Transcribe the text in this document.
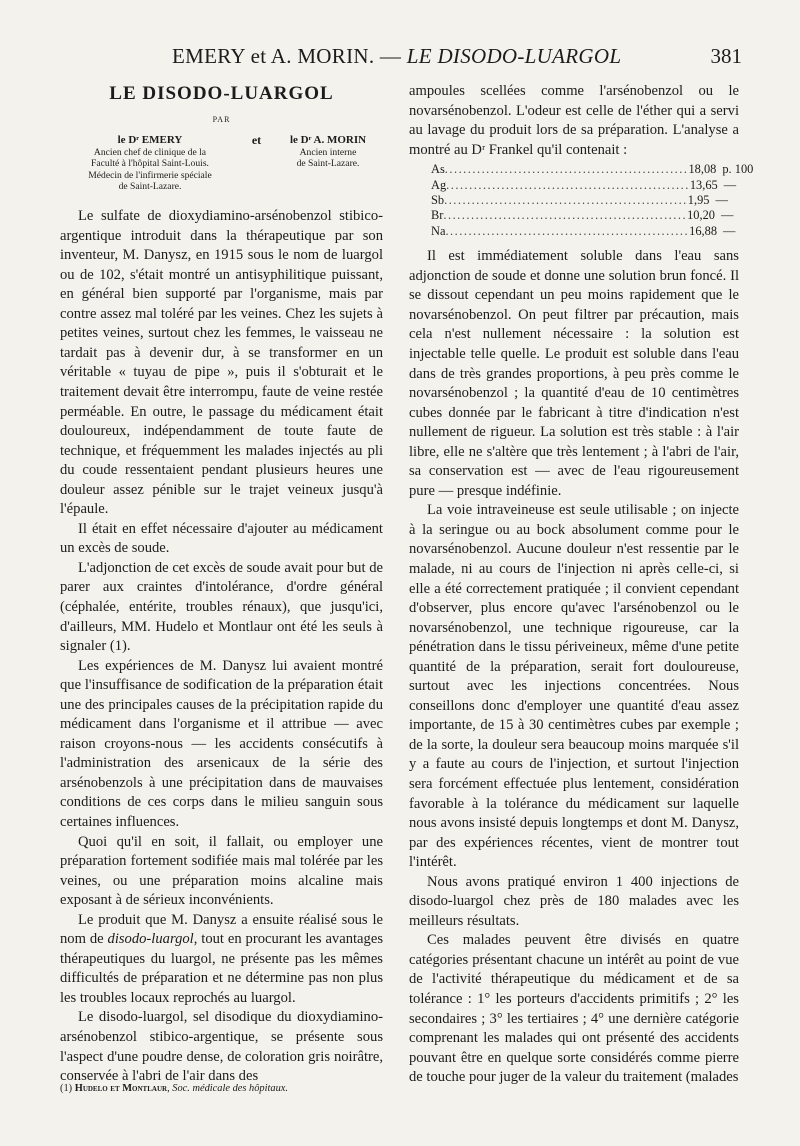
EMERY et A. MORIN. — LE DISODO-LUARGOL	381
LE DISODO-LUARGOL
PAR
le Dʳ EMERY
Ancien chef de clinique de la
Faculté à l'hôpital Saint-Louis.
Médecin de l'infirmerie spéciale
de Saint-Lazare.
et	le Dʳ A. MORIN
Ancien interne
de Saint-Lazare.

Le sulfate de dioxydiamino-arsénobenzol stibico-argentique introduit dans la thérapeutique par son inventeur, M. Danysz, en 1915 sous le nom de luargol ou de 102, s'était montré un antisyphilitique puissant, en général bien supporté par l'organisme, mais par contre assez mal toléré par les veines. Chez les sujets à petites veines, surtout chez les femmes, le vaisseau ne tardait pas à devenir dur, à se transformer en un véritable « tuyau de pipe », puis il s'obturait et le traitement devait être interrompu, faute de veine restée perméable. En outre, le passage du médicament était douloureux, indépendamment de toute faute de technique, et fréquemment les malades injectés au pli du coude ressentaient pendant plusieurs heures une douleur assez pénible sur le trajet veineux jusqu'à l'épaule.

Il était en effet nécessaire d'ajouter au médicament un excès de soude.

L'adjonction de cet excès de soude avait pour but de parer aux craintes d'intolérance, d'ordre général (céphalée, entérite, troubles rénaux), que jusqu'ici, d'ailleurs, MM. Hudelo et Montlaur ont été les seuls à signaler (1).

Les expériences de M. Danysz lui avaient montré que l'insuffisance de sodification de la préparation était une des principales causes de la précipitation rapide du médicament dans l'organisme et il attribue — avec raison croyons-nous — les accidents consécutifs à l'administration des arsenicaux de la série des arsénobenzols à une précipitation dans de mauvaises conditions de ces corps dans le milieu sanguin sous certaines influences.

Quoi qu'il en soit, il fallait, ou employer une préparation fortement sodifiée mais mal tolérée par les veines, ou une préparation moins alcaline mais exposant à de sérieux inconvénients.

Le produit que M. Danysz a ensuite réalisé sous le nom de disodo-luargol, tout en procurant les avantages thérapeutiques du luargol, ne présente pas les mêmes difficultés de préparation et ne détermine pas non plus les troubles locaux reprochés au luargol.

Le disodo-luargol, sel disodique du dioxydiamino-arsénobenzol stibico-argentique, se présente sous l'aspect d'une poudre dense, de coloration gris noirâtre, conservée à l'abri de l'air dans des

ampoules scellées comme l'arsénobenzol ou le novarsénobenzol. L'odeur est celle de l'éther qui a servi au lavage du produit lors de sa préparation. L'analyse a montré au Dʳ Frankel qu'il contenait :

As ..................................................... 18,08 p. 100
Ag ..................................................... 13,65 —
Sb ..................................................... 1,95 —
Br ..................................................... 10,20 —
Na ..................................................... 16,88 —

Il est immédiatement soluble dans l'eau sans adjonction de soude et donne une solution brun foncé. Il se dissout cependant un peu moins rapidement que le novarsénobenzol. On peut filtrer par précaution, mais cela n'est nullement nécessaire : la solution est injectable telle quelle. Le produit est soluble dans l'eau dans de très grandes proportions, à peu près comme le novarsénobenzol ; la quantité d'eau de 10 centimètres cubes donnée par le fabricant à titre d'indication n'est nullement de rigueur. La solution est très stable : à l'air libre, elle ne s'altère que très lentement ; à l'abri de l'air, sa conservation est — avec de l'eau rigoureusement pure — presque indéfinie.

La voie intraveineuse est seule utilisable ; on injecte à la seringue ou au bock absolument comme pour le novarsénobenzol. Aucune douleur n'est ressentie par le malade, ni au cours de l'injection ni après celle-ci, si elle a été correctement pratiquée ; il convient cependant d'observer, plus encore qu'avec l'arsénobenzol ou le novarsénobenzol, une technique rigoureuse, car la pénétration dans le tissu périveineux, même d'une petite quantité de la préparation, serait fort douloureuse, surtout avec les injections concentrées. Nous conseillons donc d'employer une quantité d'eau assez importante, de 15 à 30 centimètres cubes par exemple ; de la sorte, la douleur sera beaucoup moins marquée s'il y a faute au cours de l'injection, et surtout l'injection sera forcément effectuée plus lentement, considération favorable à la tolérance du médicament sur laquelle nous avons insisté depuis longtemps et dont M. Danysz, par des expériences récentes, vient de montrer tout l'intérêt.

Nous avons pratiqué environ 1 400 injections de disodo-luargol chez près de 180 malades avec les meilleurs résultats.

Ces malades peuvent être divisés en quatre catégories présentant chacune un intérêt au point de vue de l'activité thérapeutique du médicament et de sa tolérance : 1° les porteurs d'accidents primitifs ; 2° les secondaires ; 3° les tertiaires ; 4° une dernière catégorie comprenant les malades qui ont présenté des accidents pouvant être en quelque sorte considérés comme pierre de touche pour juger de la valeur du traitement (malades

(1) Hudelo et Montlaur, Soc. médicale des hôpitaux.
